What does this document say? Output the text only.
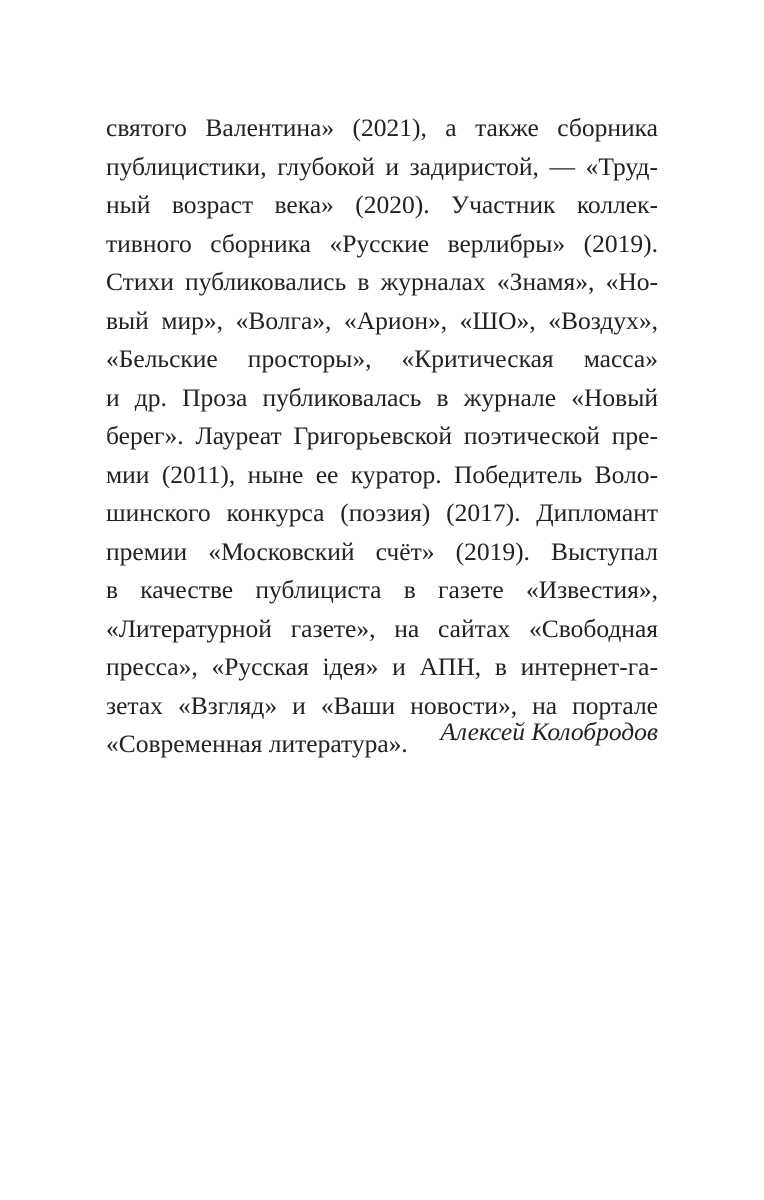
святого Валентина» (2021), а также сборника
публицистики, глубокой и задиристой, — «Труд-
ный возраст века» (2020). Участник коллек-
тивного сборника «Русские верлибры» (2019).
Стихи публиковались в журналах «Знамя», «Но-
вый мир», «Волга», «Арион», «ШО», «Воздух»,
«Бельские просторы», «Критическая масса»
и др. Проза публиковалась в журнале «Новый
берег». Лауреат Григорьевской поэтической пре-
мии (2011), ныне ее куратор. Победитель Воло-
шинского конкурса (поэзия) (2017). Дипломант
премии «Московский счёт» (2019). Выступал
в качестве публициста в газете «Известия»,
«Литературной газете», на сайтах «Свободная
пресса», «Русская iдея» и АПН, в интернет-га-
зетах «Взгляд» и «Ваши новости», на портале
«Современная литература».	Алексей Колобродов
